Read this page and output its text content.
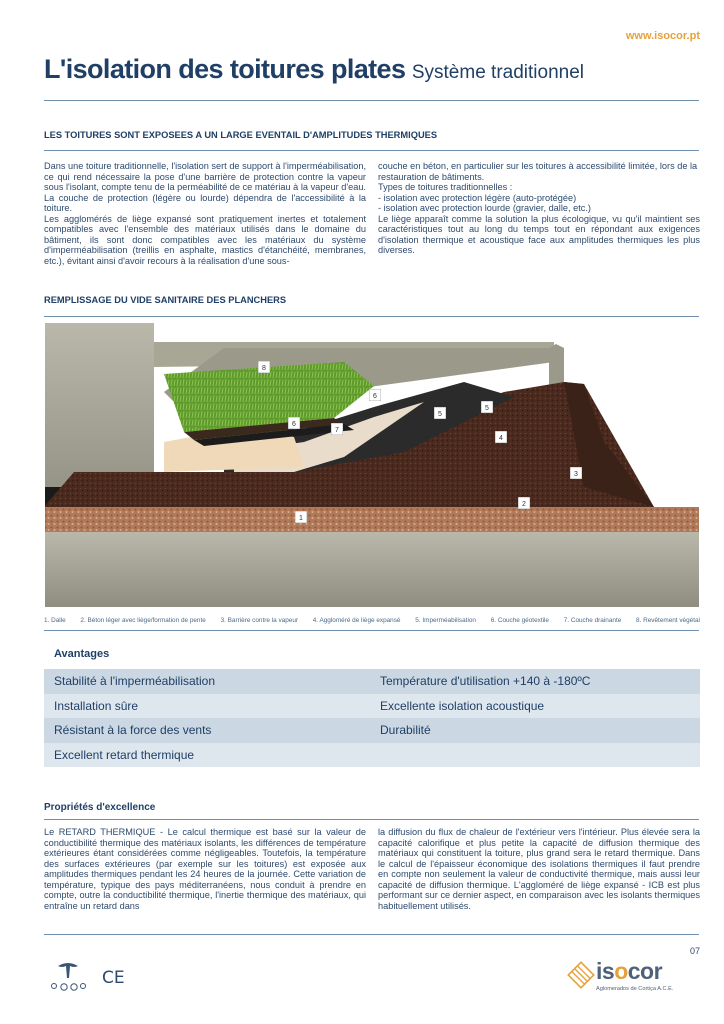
www.isocor.pt
L'isolation des toitures plates Système traditionnel
LES TOITURES SONT EXPOSEES A UN LARGE EVENTAIL D'AMPLITUDES THERMIQUES

Dans une toiture traditionnelle, l'isolation sert de support à l'imperméabilisation, ce qui rend nécessaire la pose d'une barrière de protection contre la vapeur sous l'isolant, compte tenu de la perméabilité de ce matériau à la vapeur d'eau. La couche de protection (légère ou lourde) dépendra de l'accessibilité à la toiture.
Les agglomérés de liège expansé sont pratiquement inertes et totalement compatibles avec l'ensemble des matériaux utilisés dans le domaine du bâtiment, ils sont donc compatibles avec les matériaux du système d'imperméabilisation (treillis en asphalte, mastics d'étanchéité, membranes, etc.), évitant ainsi d'avoir recours à la réalisation d'une sous-

couche en béton, en particulier sur les toitures à accessibilité limitée, lors de la restauration de bâtiments.
Types de toitures traditionnelles :
- isolation avec protection légère (auto-protégée)
- isolation avec protection lourde (gravier, dalle, etc.)

Le liège apparaît comme la solution la plus écologique, vu qu'il maintient ses caractéristiques tout au long du temps tout en répondant aux exigences d'isolation thermique et acoustique face aux amplitudes thermiques les plus diverses.

REMPLISSAGE DU VIDE SANITAIRE DES PLANCHERS
8
6
5
5
6
7
4
3
2
1
1. Dalle 2. Béton léger avec liège/formation de pente 3. Barrière contre la vapeur 4. Aggloméré de liège expansé 5. Imperméabilisation 6. Couche géotextile 7. Couche drainante 8. Revêtement végétal
Avantages
Stabilité à l'imperméabilisation	Température d'utilisation +140 à -180ºC
Installation sûre	Excellente isolation acoustique
Résistant à la force des vents	Durabilité
Excellent retard thermique
Propriétés d'excellence

Le RETARD THERMIQUE - Le calcul thermique est basé sur la valeur de conductibilité thermique des matériaux isolants, les différences de température extérieures étant considérées comme négligeables. Toutefois, la température des surfaces extérieures (par exemple sur les toitures) est exposée aux amplitudes thermiques pendant les 24 heures de la journée. Cette variation de température, typique des pays méditerranéens, nous conduit à prendre en compte, outre la conductibilité thermique, l'inertie thermique des matériaux, qui entraîne un retard dans

la diffusion du flux de chaleur de l'extérieur vers l'intérieur. Plus élevée sera la capacité calorifique et plus petite la capacité de diffusion thermique des matériaux qui constituent la toiture, plus grand sera le retard thermique. Dans le calcul de l'épaisseur économique des isolations thermiques il faut prendre en compte non seulement la valeur de conductivité thermique, mais aussi leur capacité de diffusion thermique. L'aggloméré de liège expansé - ICB est plus performant sur ce dernier aspect, en comparaison avec les isolants thermiques habituellement utilisés.

07
CE	isocor
Aglomerados de Cortiça A.C.E.
